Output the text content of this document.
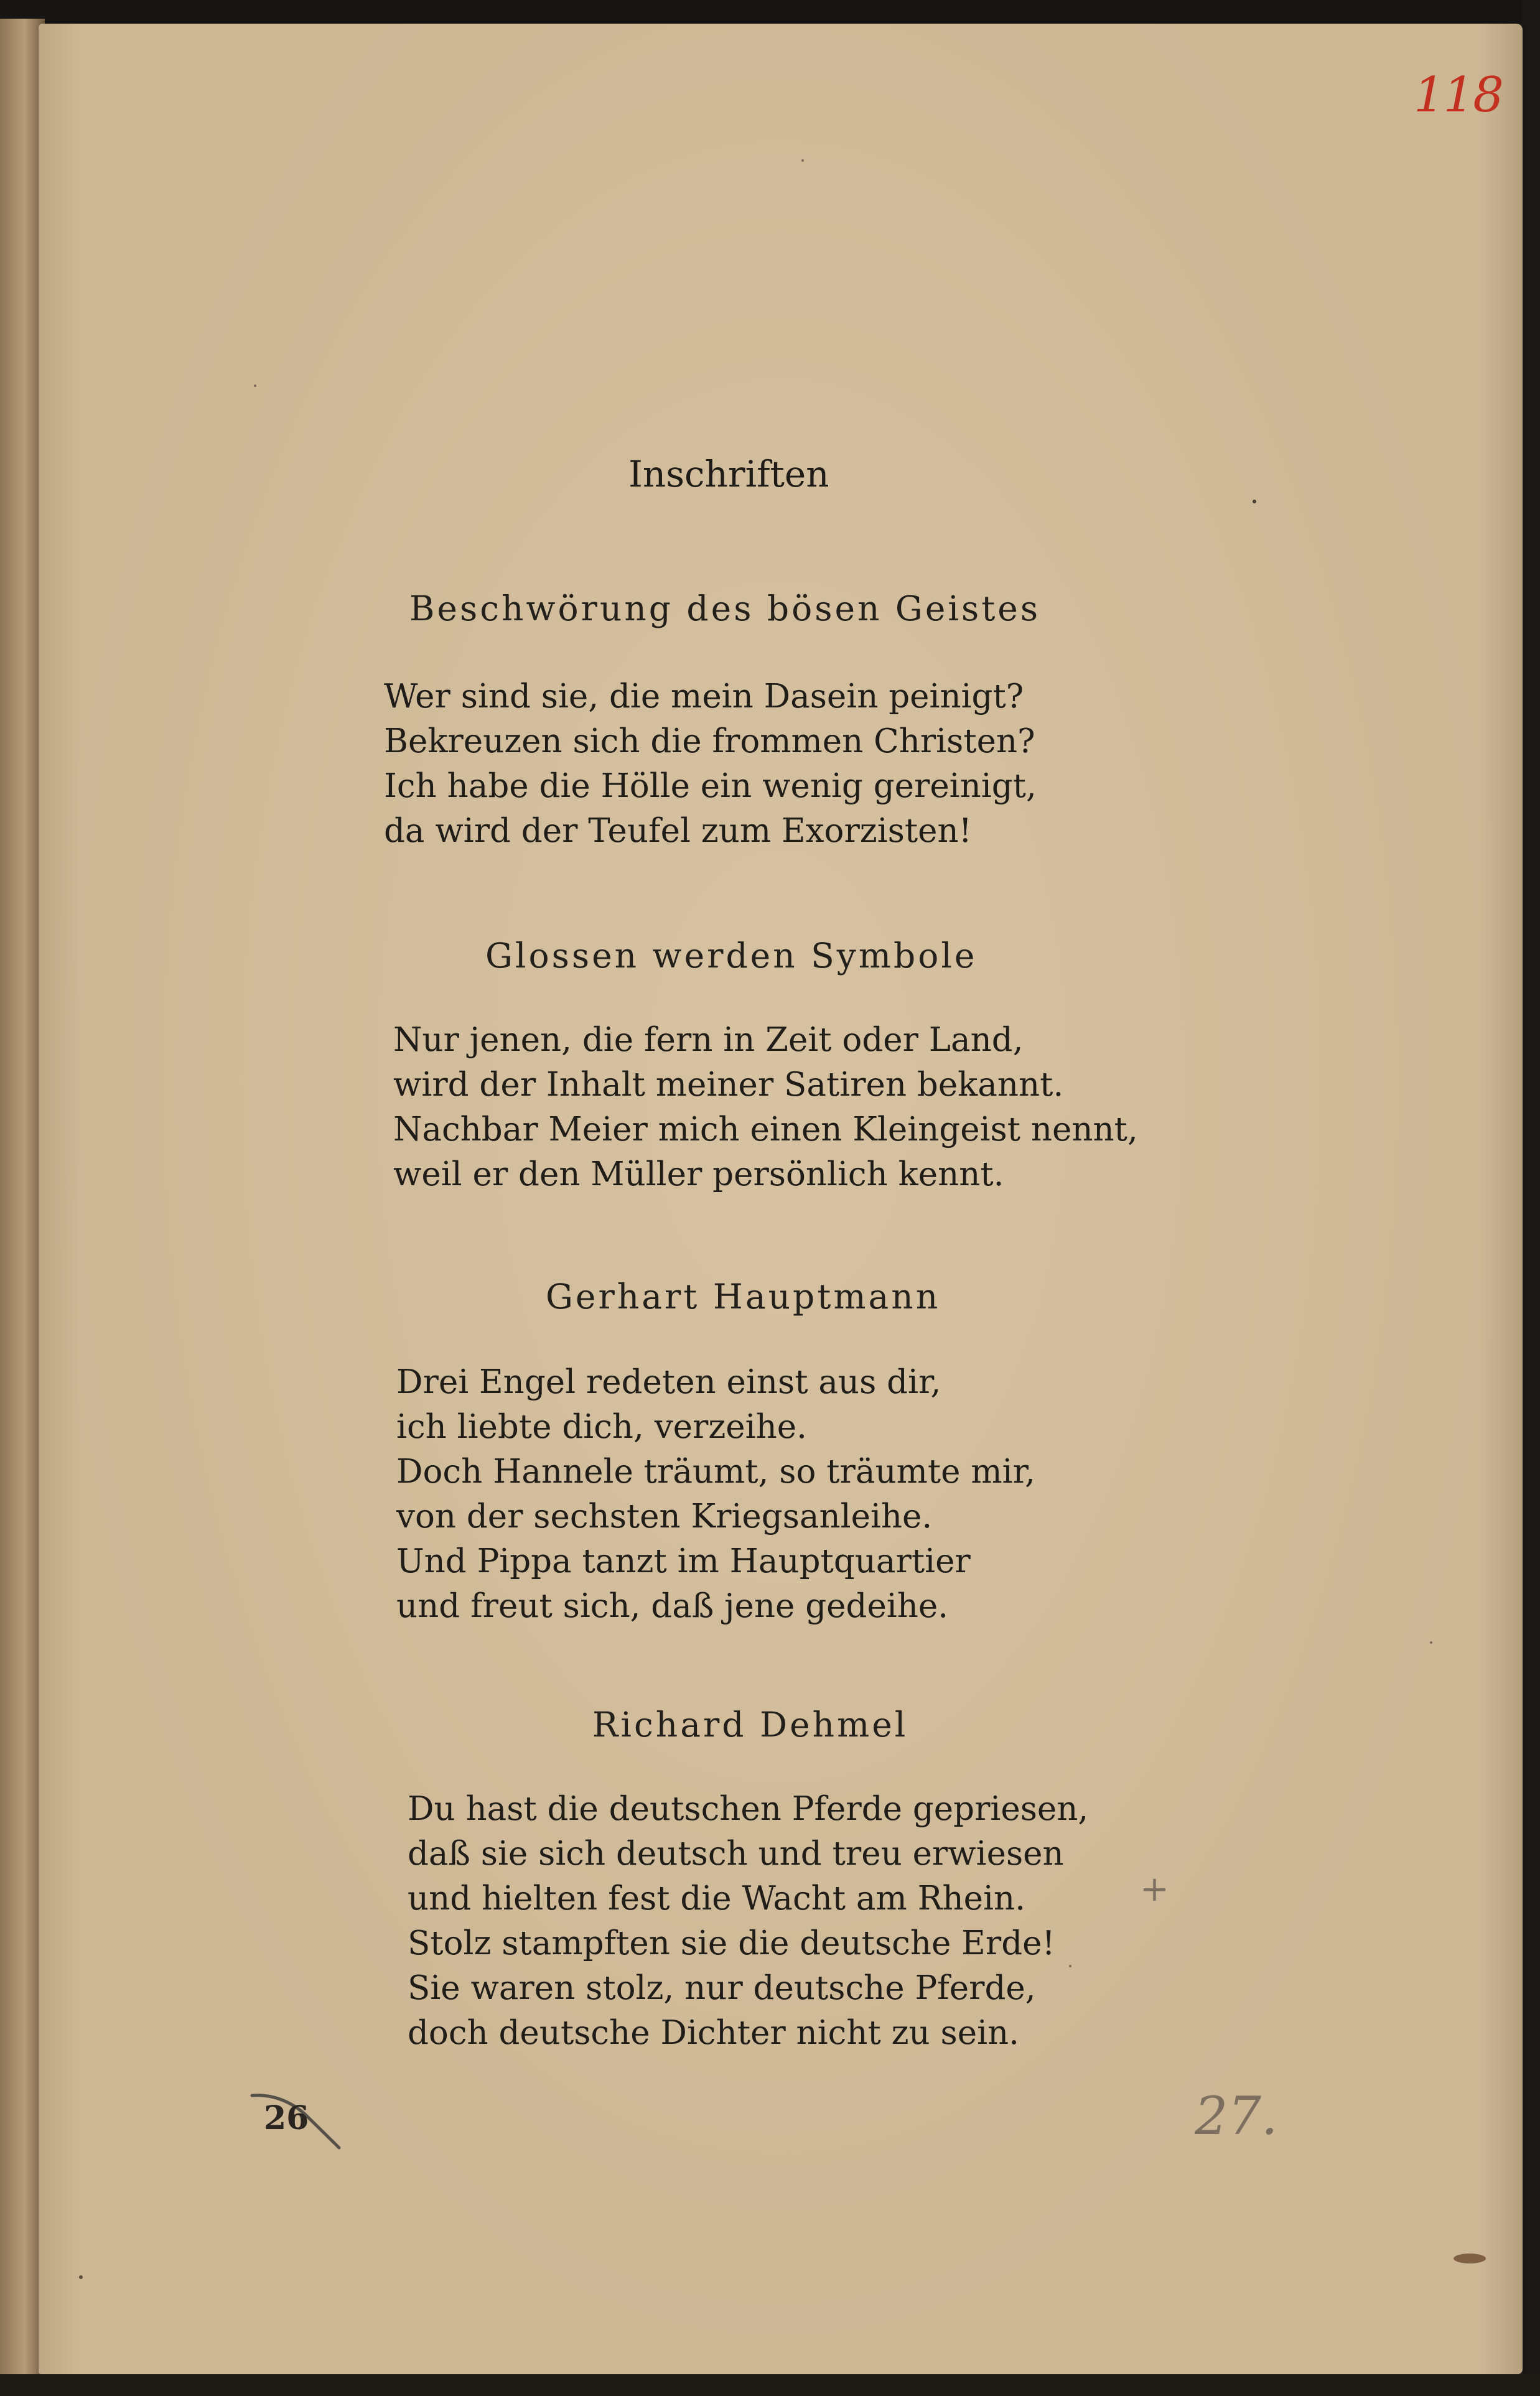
118
Inschriften
Beschwörung des bösen Geistes
Wer sind sie, die mein Dasein peinigt?
Bekreuzen sich die frommen Christen?
Ich habe die Hölle ein wenig gereinigt,
da wird der Teufel zum Exorzisten!
Glossen werden Symbole
Nur jenen, die fern in Zeit oder Land,
wird der Inhalt meiner Satiren bekannt.
Nachbar Meier mich einen Kleingeist nennt,
weil er den Müller persönlich kennt.
Gerhart Hauptmann
Drei Engel redeten einst aus dir,
ich liebte dich, verzeihe.
Doch Hannele träumt, so träumte mir,
von der sechsten Kriegsanleihe.
Und Pippa tanzt im Hauptquartier
und freut sich, daß jene gedeihe.
Richard Dehmel
Du hast die deutschen Pferde gepriesen,
daß sie sich deutsch und treu erwiesen
und hielten fest die Wacht am Rhein.
Stolz stampften sie die deutsche Erde!
Sie waren stolz, nur deutsche Pferde,
doch deutsche Dichter nicht zu sein.
+
26	27.
